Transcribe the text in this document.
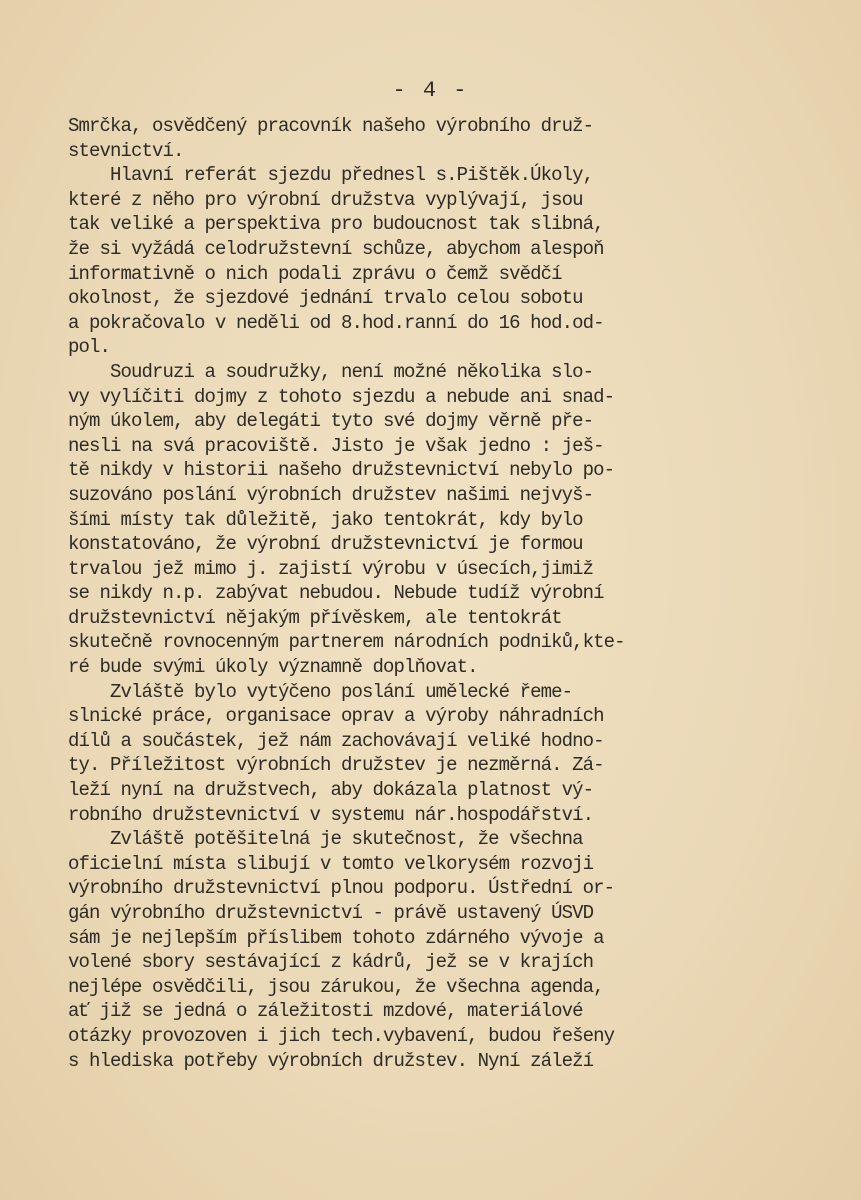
- 4 -
Smrčka, osvědčený pracovník našeho výrobního druž-
stevnictví.
Hlavní referát sjezdu přednesl s.Pištěk.Úkoly,
které z něho pro výrobní družstva vyplývají, jsou
tak veliké a perspektiva pro budoucnost tak slibná,
že si vyžádá celodružstevní schůze, abychom alespoň
informativně o nich podali zprávu o čemž svědčí
okolnost, že sjezdové jednání trvalo celou sobotu
a pokračovalo v neděli od 8.hod.ranní do 16 hod.od-
pol.
Soudruzi a soudružky, není možné několika slo-
vy vylíčiti dojmy z tohoto sjezdu a nebude ani snad-
ným úkolem, aby delegáti tyto své dojmy věrně pře-
nesli na svá pracoviště. Jisto je však jedno : ješ-
tě nikdy v historii našeho družstevnictví nebylo po-
suzováno poslání výrobních družstev našimi nejvyš-
šími místy tak důležitě, jako tentokrát, kdy bylo
konstatováno, že výrobní družstevnictví je formou
trvalou jež mimo j. zajistí výrobu v úsecích,jimiž
se nikdy n.p. zabývat nebudou. Nebude tudíž výrobní
družstevnictví nějakým přívěskem, ale tentokrát
skutečně rovnocenným partnerem národních podniků,kte-
ré bude svými úkoly významně doplňovat.
Zvláště bylo vytýčeno poslání umělecké řeme-
slnické práce, organisace oprav a výroby náhradních
dílů a součástek, jež nám zachovávají veliké hodno-
ty. Příležitost výrobních družstev je nezměrná. Zá-
leží nyní na družstvech, aby dokázala platnost vý-
robního družstevnictví v systemu nár.hospodářství.
Zvláště potěšitelná je skutečnost, že všechna
oficielní místa slibují v tomto velkorysém rozvoji
výrobního družstevnictví plnou podporu. Ústřední or-
gán výrobního družstevnictví - právě ustavený ÚSVD
sám je nejlepším příslibem tohoto zdárného vývoje a
volené sbory sestávající z kádrů, jež se v krajích
nejlépe osvědčili, jsou zárukou, že všechna agenda,
ať již se jedná o záležitosti mzdové, materiálové
otázky provozoven i jich tech.vybavení, budou řešeny
s hlediska potřeby výrobních družstev. Nyní záleží
